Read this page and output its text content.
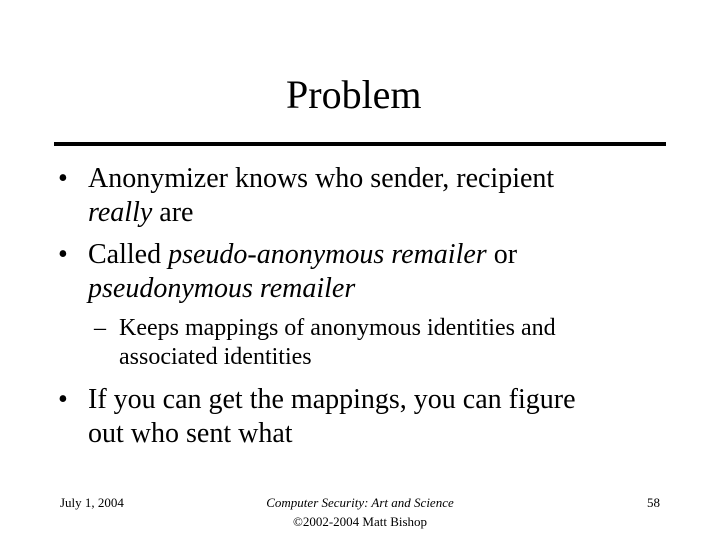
Problem
• Anonymizer knows who sender, recipient
really are
• Called pseudo-anonymous remailer or
pseudonymous remailer
– Keeps mappings of anonymous identities and
associated identities
• If you can get the mappings, you can figure
out who sent what
July 1, 2004	Computer Security: Art and Science
©2002-2004 Matt Bishop
58
